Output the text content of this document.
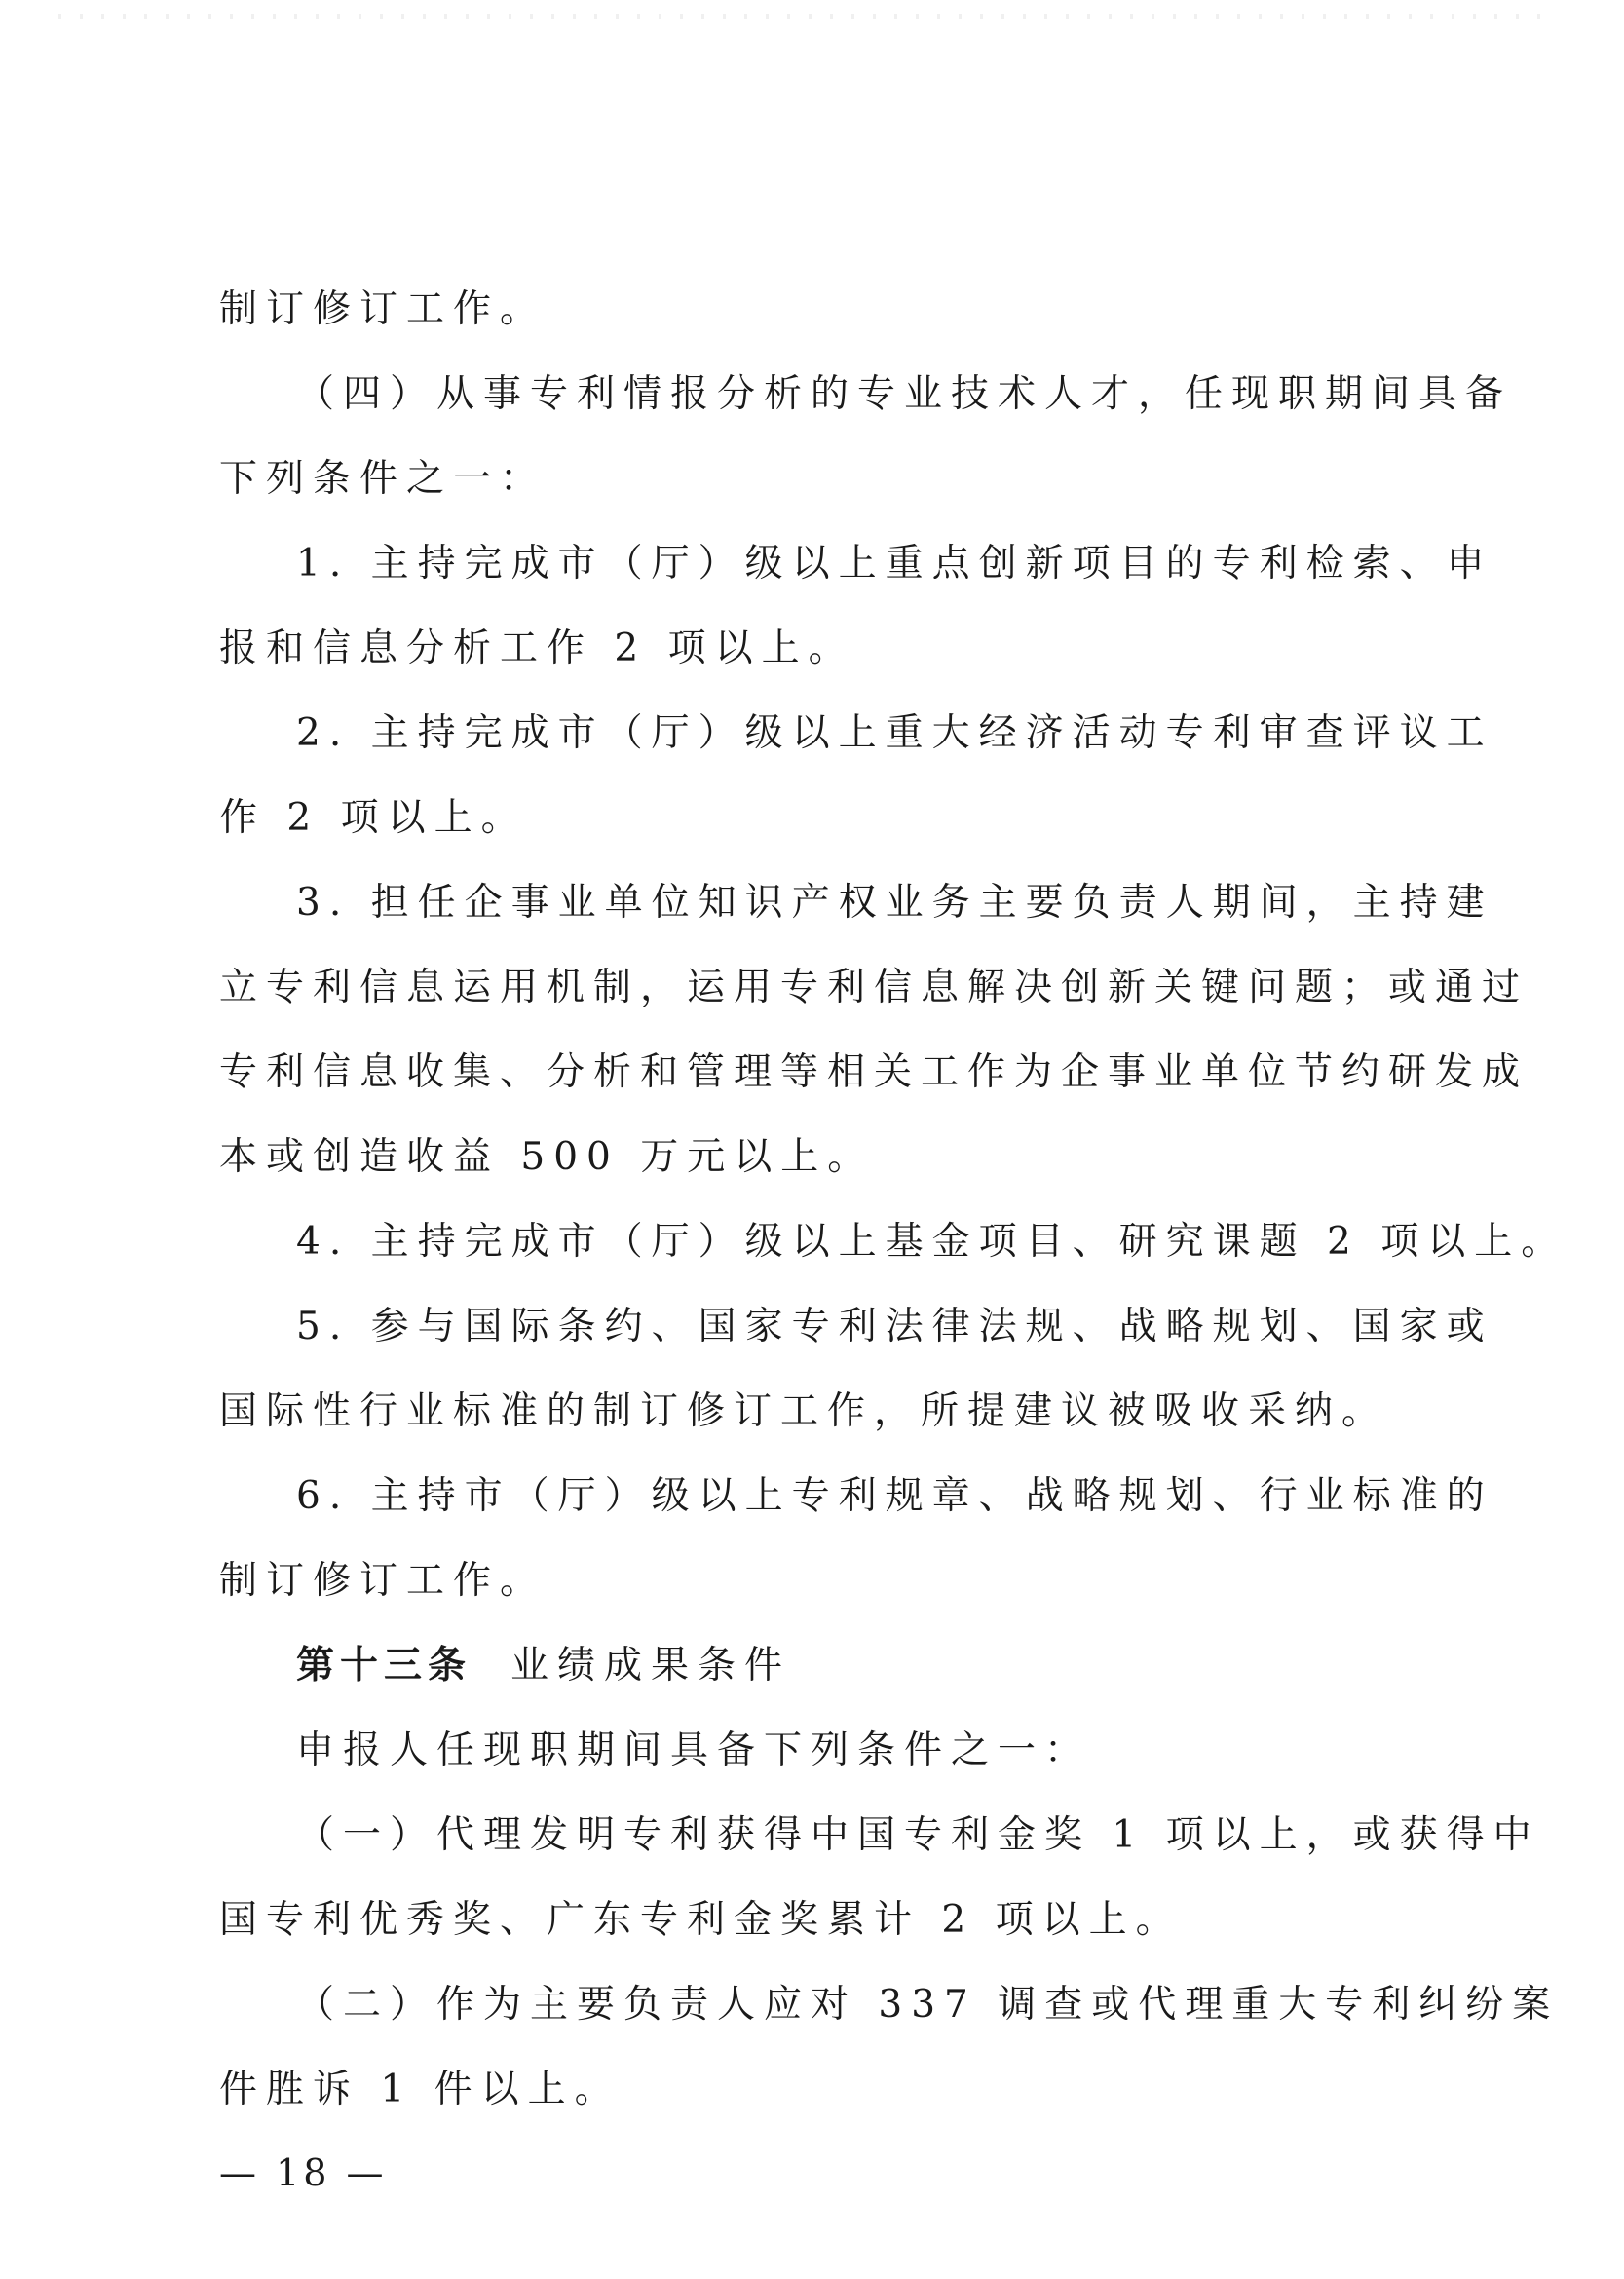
制订修订工作。
（四）从事专利情报分析的专业技术人才，任现职期间具备
下列条件之一：
1. 主持完成市（厅）级以上重点创新项目的专利检索、申
报和信息分析工作 2 项以上。
2. 主持完成市（厅）级以上重大经济活动专利审查评议工
作 2 项以上。
3. 担任企事业单位知识产权业务主要负责人期间，主持建
立专利信息运用机制，运用专利信息解决创新关键问题；或通过
专利信息收集、分析和管理等相关工作为企事业单位节约研发成
本或创造收益 500 万元以上。
4. 主持完成市（厅）级以上基金项目、研究课题 2 项以上。
5. 参与国际条约、国家专利法律法规、战略规划、国家或
国际性行业标准的制订修订工作，所提建议被吸收采纳。
6. 主持市（厅）级以上专利规章、战略规划、行业标准的
制订修订工作。
第十三条 业绩成果条件
申报人任现职期间具备下列条件之一：
（一）代理发明专利获得中国专利金奖 1 项以上，或获得中
国专利优秀奖、广东专利金奖累计 2 项以上。
（二）作为主要负责人应对 337 调查或代理重大专利纠纷案
件胜诉 1 件以上。
— 18 —
